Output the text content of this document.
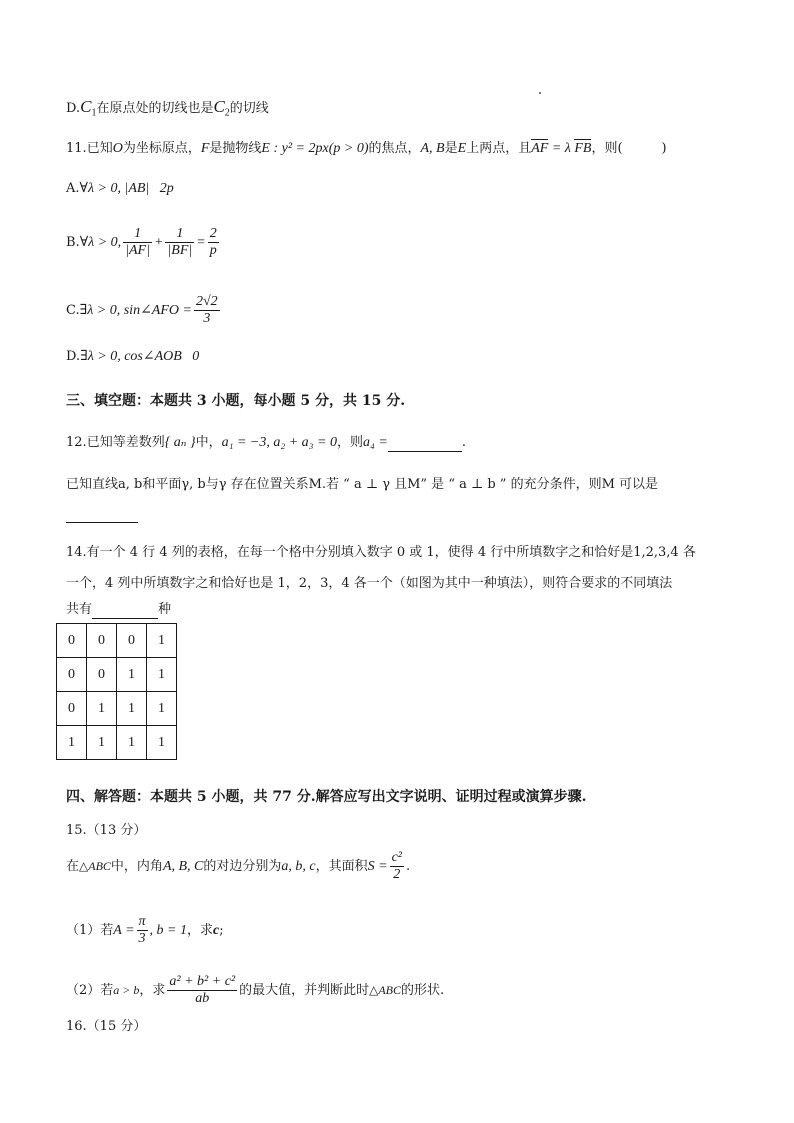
$D.C_1$在原点处的切线也是$C_2$的切线
11.已知O为坐标原点，F是抛物线E : y² = 2px(p > 0)的焦点，A, B是E上两点，且AF = λ FB，则(　　　)
A.∀λ > 0, |AB|   2p
B.∀λ > 0, $\frac{1}{|AF|} + \frac{1}{|BF|} = \frac{2}{p}$
C.∃λ > 0, sin∠AFO = $\frac{2√2}{3}$
D.∃λ > 0, cos∠AOB   0
三、填空题：本题共 3 小题，每小题 5 分，共 15 分.
12.已知等差数列{ aₙ }中，a₁ = −3, a₂ + a₃ = 0，则a₄ =	.
已知直线a, b和平面γ, b与γ 存在位置关系M.若 “ a ⊥ γ 且M” 是 “ a ⊥ b ” 的充分条件，则M 可以是
14.有一个 4 行 4 列的表格，在每一个格中分别填入数字 0 或 1，使得 4 行中所填数字之和恰好是1,2,3,4 各
一个，4 列中所填数字之和恰好也是 1，2，3，4 各一个（如图为其中一种填法），则符合要求的不同填法
共有	种
0	0	0	1
0	0	1	1
0	1	1	1
1	1	1	1
四、解答题：本题共 5 小题，共 77 分.解答应写出文字说明、证明过程或演算步骤.
15.（13 分）
在△ABC中，内角A, B, C的对边分别为a, b, c，其面积$S = \frac{\text{c²}}{2}$ .
（1）若$A = \frac{\pi}{3}$ , b = 1，求c;
（2）若a > b，求 $\frac{\text{a² + b² + c²}}{ab}$ 的最大值，并判断此时△ABC的形状.
16.（15 分）
